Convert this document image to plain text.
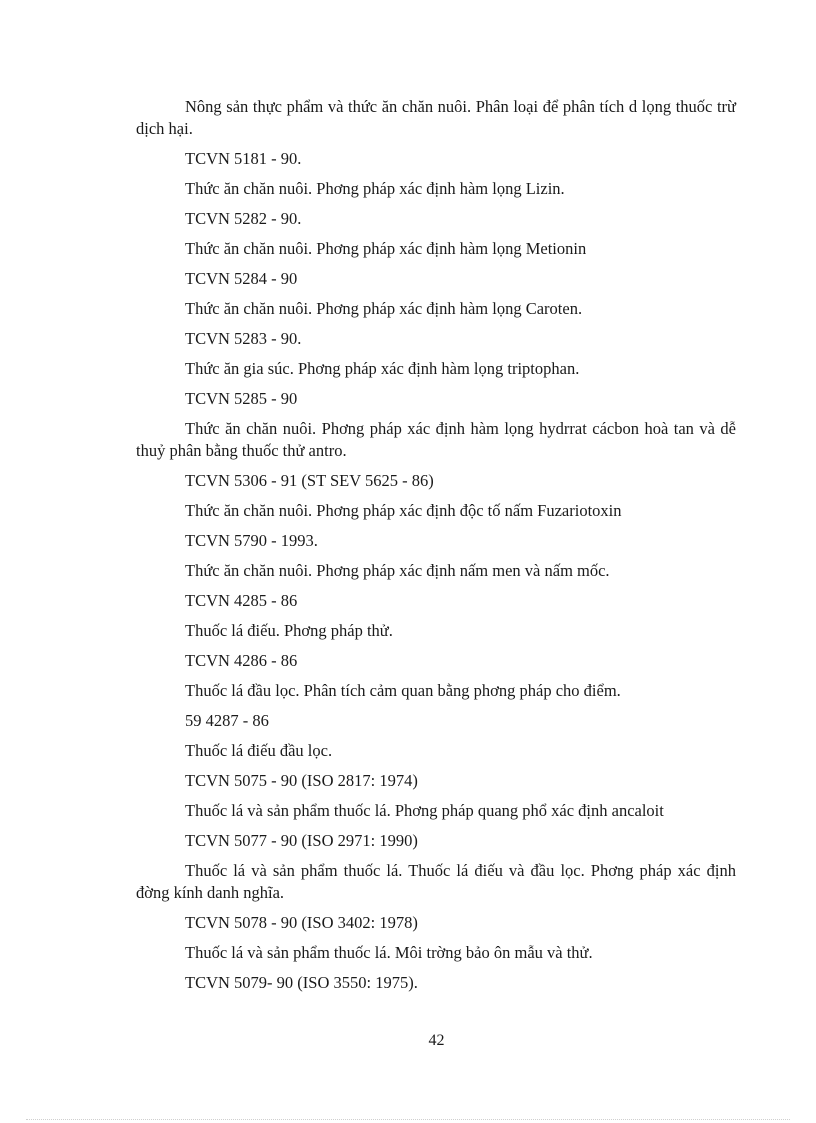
Nông sản thực phẩm và thức ăn chăn nuôi. Phân loại để phân tích d lọng thuốc trừ dịch hại.

TCVN 5181 - 90.

Thức ăn chăn nuôi. Phơng pháp xác định hàm lọng Lizin.

TCVN 5282 - 90.

Thức ăn chăn nuôi. Phơng pháp xác định hàm lọng Metionin

TCVN 5284 - 90

Thức ăn chăn nuôi. Phơng pháp xác định hàm lọng Caroten.

TCVN 5283 - 90.

Thức ăn gia súc. Phơng pháp xác định hàm lọng triptophan.

TCVN 5285 - 90

Thức ăn chăn nuôi. Phơng pháp xác định hàm lọng hydrrat cácbon hoà tan và dễ thuỷ phân bằng thuốc thử antro.

TCVN 5306 - 91 (ST SEV 5625 - 86)

Thức ăn chăn nuôi. Phơng pháp xác định độc tố nấm Fuzariotoxin

TCVN 5790 - 1993.

Thức ăn chăn nuôi. Phơng pháp xác định nấm men và nấm mốc.

TCVN 4285 - 86

Thuốc lá điếu. Phơng pháp thử.

TCVN 4286 - 86

Thuốc lá đầu lọc. Phân tích cảm quan bằng phơng pháp cho điểm.

59 4287 - 86

Thuốc lá điếu đầu lọc.

TCVN 5075 - 90 (ISO 2817: 1974)

Thuốc lá và sản phẩm thuốc lá. Phơng pháp quang phổ xác định ancaloit

TCVN 5077 - 90 (ISO 2971: 1990)

Thuốc lá và sản phẩm thuốc lá. Thuốc lá điếu và đầu lọc. Phơng pháp xác định đờng kính danh nghĩa.

TCVN 5078 - 90 (ISO 3402: 1978)

Thuốc lá và sản phẩm thuốc lá. Môi trờng bảo ôn mẫu và thử.

TCVN 5079- 90 (ISO 3550: 1975).

42
